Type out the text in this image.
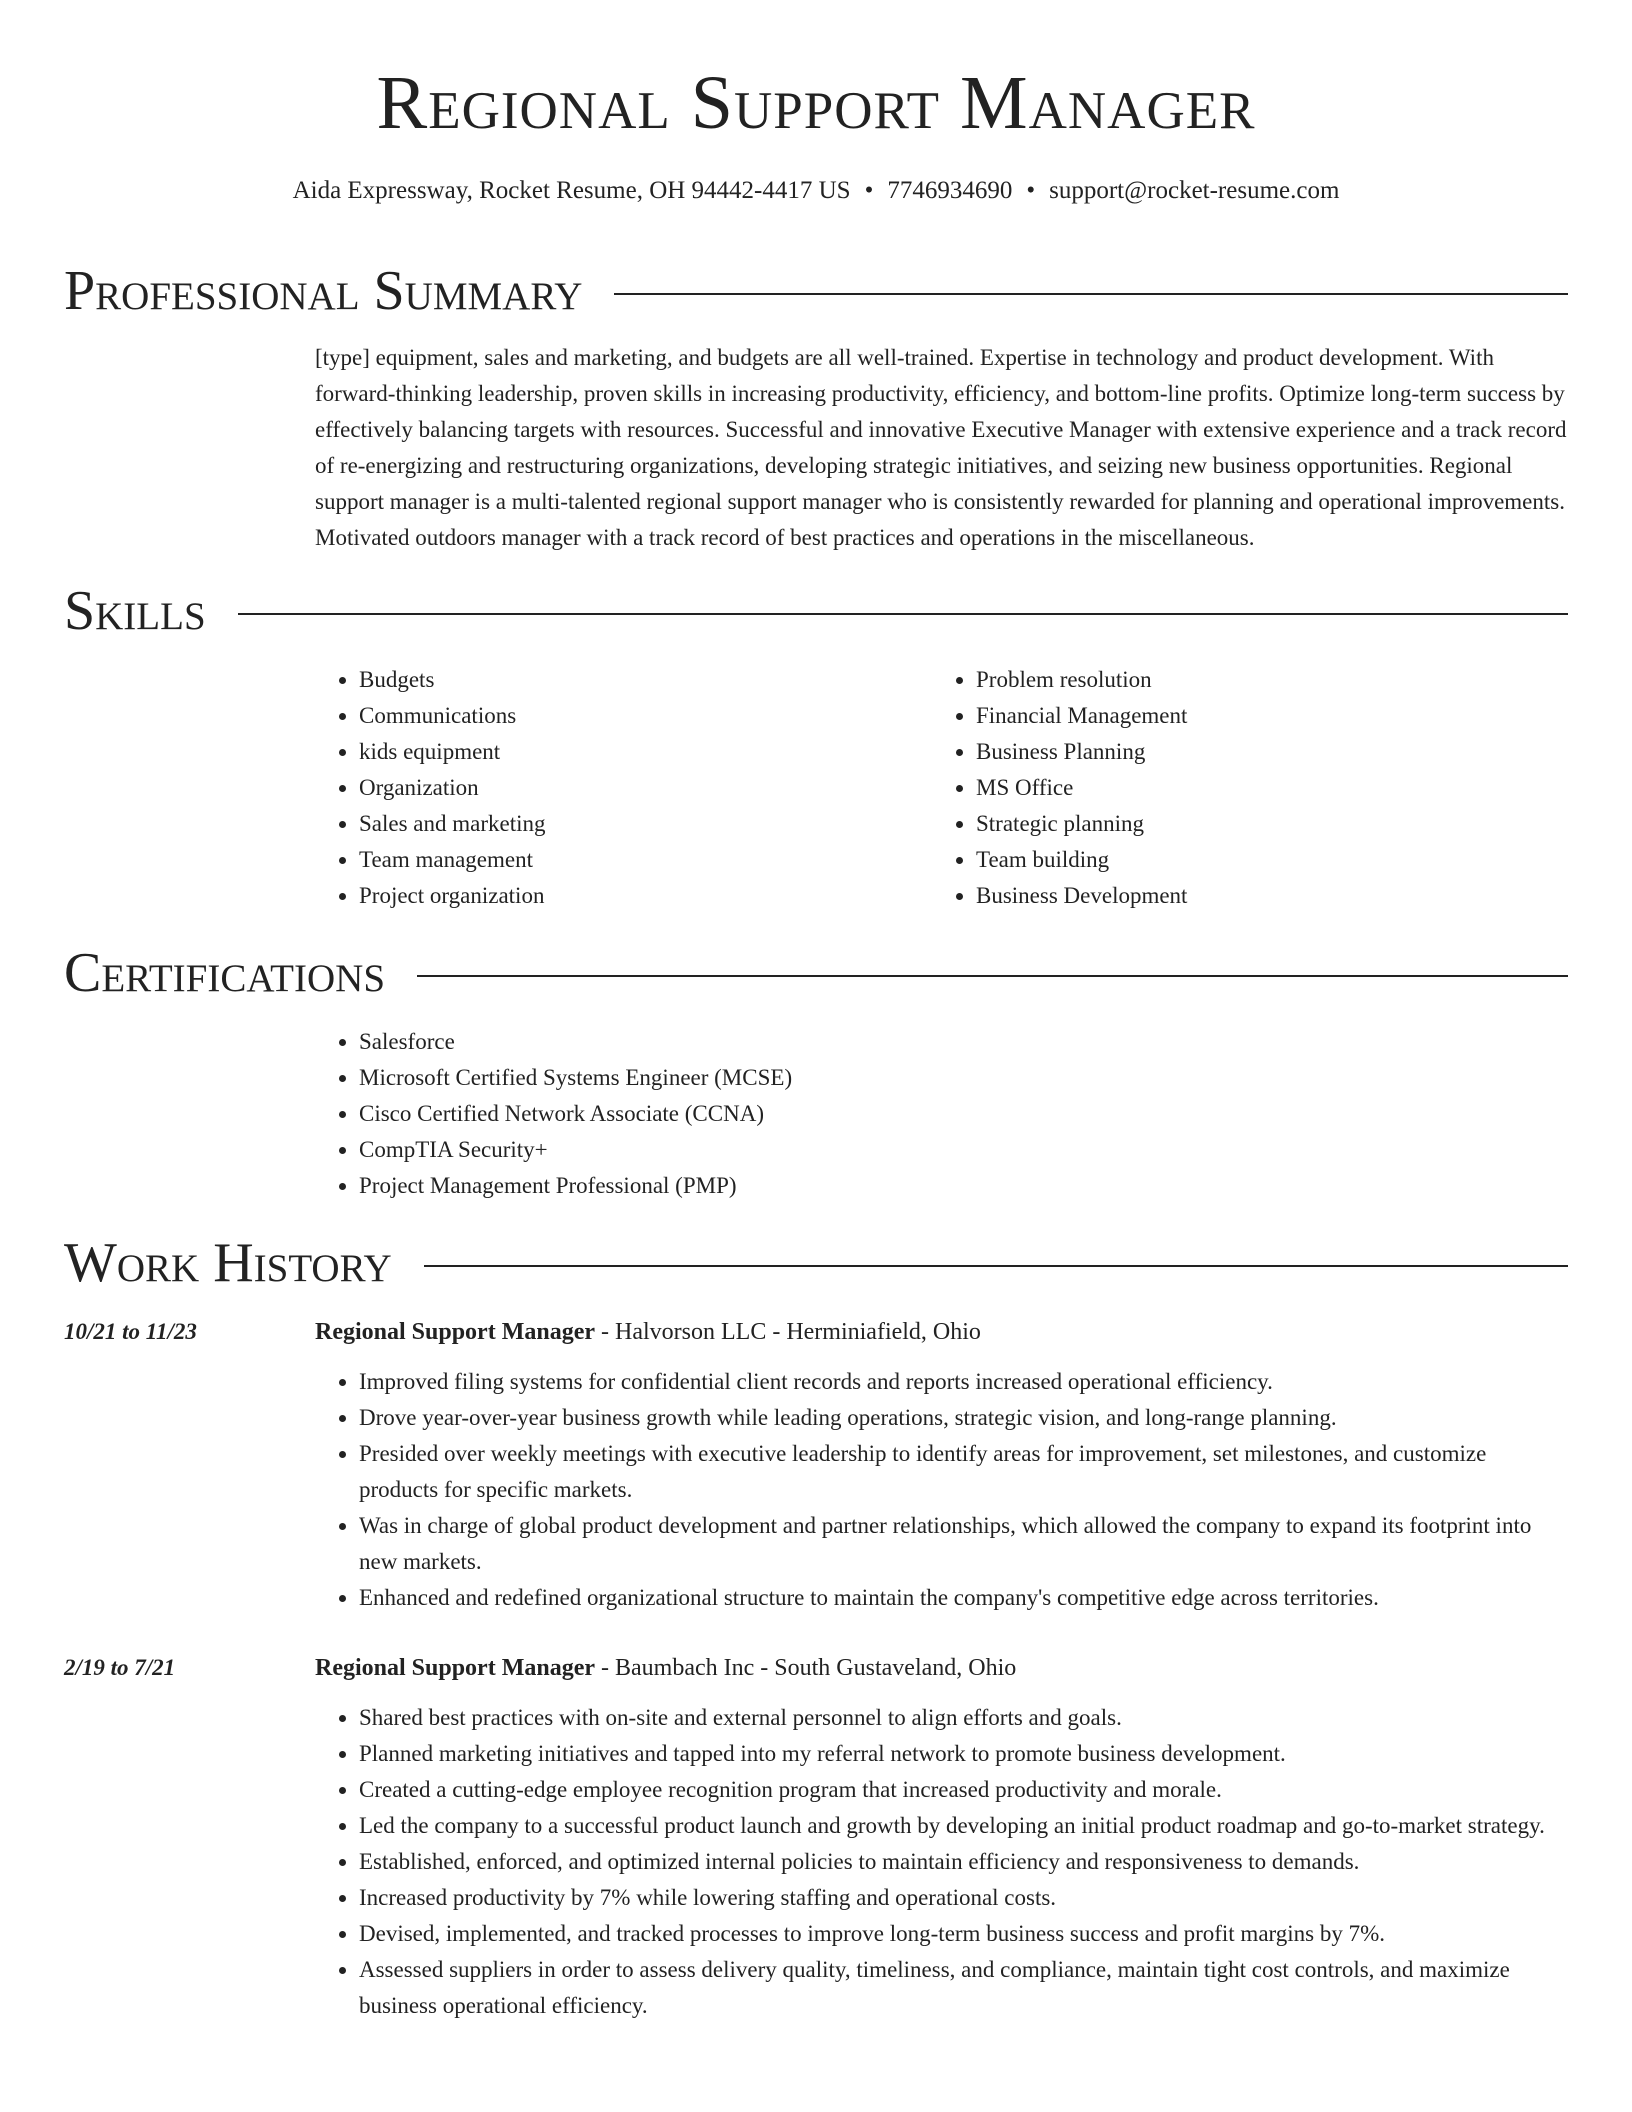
Regional Support Manager
Aida Expressway, Rocket Resume, OH 94442-4417 US • 7746934690 • support@rocket-resume.com
Professional Summary

[type] equipment, sales and marketing, and budgets are all well-trained. Expertise in technology and product development. With forward-thinking leadership, proven skills in increasing productivity, efficiency, and bottom-line profits. Optimize long-term success by effectively balancing targets with resources. Successful and innovative Executive Manager with extensive experience and a track record of re-energizing and restructuring organizations, developing strategic initiatives, and seizing new business opportunities. Regional support manager is a multi-talented regional support manager who is consistently rewarded for planning and operational improvements. Motivated outdoors manager with a track record of best practices and operations in the miscellaneous.

Skills
• Budgets
• Communications
• kids equipment
• Organization
• Sales and marketing
• Team management
• Project organization
• Problem resolution
• Financial Management
• Business Planning
• MS Office
• Strategic planning
• Team building
• Business Development
Certifications
• Salesforce
• Microsoft Certified Systems Engineer (MCSE)
• Cisco Certified Network Associate (CCNA)
• CompTIA Security+
• Project Management Professional (PMP)
Work History
10/21 to 11/23	Regional Support Manager - Halvorson LLC - Herminiafield, Ohio
• Improved filing systems for confidential client records and reports increased operational efficiency.
• Drove year-over-year business growth while leading operations, strategic vision, and long-range planning.
• Presided over weekly meetings with executive leadership to identify areas for improvement, set milestones, and customize products for specific markets.
• Was in charge of global product development and partner relationships, which allowed the company to expand its footprint into new markets.
• Enhanced and redefined organizational structure to maintain the company's competitive edge across territories.
2/19 to 7/21	Regional Support Manager - Baumbach Inc - South Gustaveland, Ohio
• Shared best practices with on-site and external personnel to align efforts and goals.
• Planned marketing initiatives and tapped into my referral network to promote business development.
• Created a cutting-edge employee recognition program that increased productivity and morale.
• Led the company to a successful product launch and growth by developing an initial product roadmap and go-to-market strategy.
• Established, enforced, and optimized internal policies to maintain efficiency and responsiveness to demands.
• Increased productivity by 7% while lowering staffing and operational costs.
• Devised, implemented, and tracked processes to improve long-term business success and profit margins by 7%.
• Assessed suppliers in order to assess delivery quality, timeliness, and compliance, maintain tight cost controls, and maximize business operational efficiency.
